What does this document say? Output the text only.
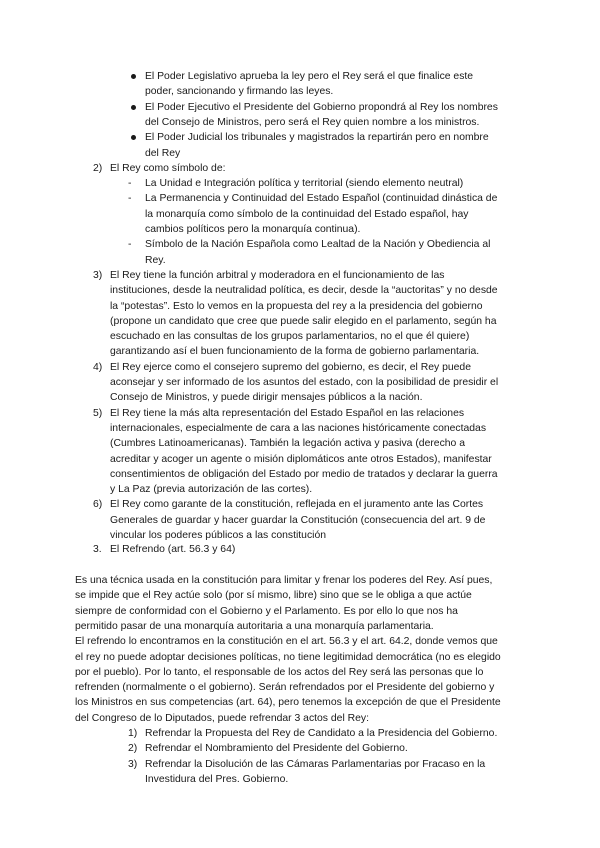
El Poder Legislativo aprueba la ley pero el Rey será el que finalice este
poder, sancionando y firmando las leyes.
El Poder Ejecutivo el Presidente del Gobierno propondrá al Rey los nombres
del Consejo de Ministros, pero será el Rey quien nombre a los ministros.
El Poder Judicial los tribunales y magistrados la repartirán pero en nombre
del Rey
2) El Rey como símbolo de:
- La Unidad e Integración política y territorial (siendo elemento neutral)
- La Permanencia y Continuidad del Estado Español (continuidad dinástica de
la monarquía como símbolo de la continuidad del Estado español, hay
cambios políticos pero la monarquía continua).
- Símbolo de la Nación Española como Lealtad de la Nación y Obediencia al
Rey.
3) El Rey tiene la función arbitral y moderadora en el funcionamiento de las
instituciones, desde la neutralidad política, es decir, desde la “auctoritas” y no desde
la “potestas”. Esto lo vemos en la propuesta del rey a la presidencia del gobierno
(propone un candidato que cree que puede salir elegido en el parlamento, según ha
escuchado en las consultas de los grupos parlamentarios, no el que él quiere)
garantizando así el buen funcionamiento de la forma de gobierno parlamentaria.
4) El Rey ejerce como el consejero supremo del gobierno, es decir, el Rey puede
aconsejar y ser informado de los asuntos del estado, con la posibilidad de presidir el
Consejo de Ministros, y puede dirigir mensajes públicos a la nación.
5) El Rey tiene la más alta representación del Estado Español en las relaciones
internacionales, especialmente de cara a las naciones históricamente conectadas
(Cumbres Latinoamericanas). También la legación activa y pasiva (derecho a
acreditar y acoger un agente o misión diplomáticos ante otros Estados), manifestar
consentimientos de obligación del Estado por medio de tratados y declarar la guerra
y La Paz (previa autorización de las cortes).
6) El Rey como garante de la constitución, reflejada en el juramento ante las Cortes
Generales de guardar y hacer guardar la Constitución (consecuencia del art. 9 de
vincular los poderes públicos a las constitución
3. El Refrendo (art. 56.3 y 64)
Es una técnica usada en la constitución para limitar y frenar los poderes del Rey. Así pues,
se impide que el Rey actúe solo (por sí mismo, libre) sino que se le obliga a que actúe
siempre de conformidad con el Gobierno y el Parlamento. Es por ello lo que nos ha
permitido pasar de una monarquía autoritaria a una monarquía parlamentaria.
El refrendo lo encontramos en la constitución en el art. 56.3 y el art. 64.2, donde vemos que
el rey no puede adoptar decisiones políticas, no tiene legitimidad democrática (no es elegido
por el pueblo). Por lo tanto, el responsable de los actos del Rey será las personas que lo
refrenden (normalmente o el gobierno). Serán refrendados por el Presidente del gobierno y
los Ministros en sus competencias (art. 64), pero tenemos la excepción de que el Presidente
del Congreso de lo Diputados, puede refrendar 3 actos del Rey:
1) Refrendar la Propuesta del Rey de Candidato a la Presidencia del Gobierno.
2) Refrendar el Nombramiento del Presidente del Gobierno.
3) Refrendar la Disolución de las Cámaras Parlamentarias por Fracaso en la
Investidura del Pres. Gobierno.
